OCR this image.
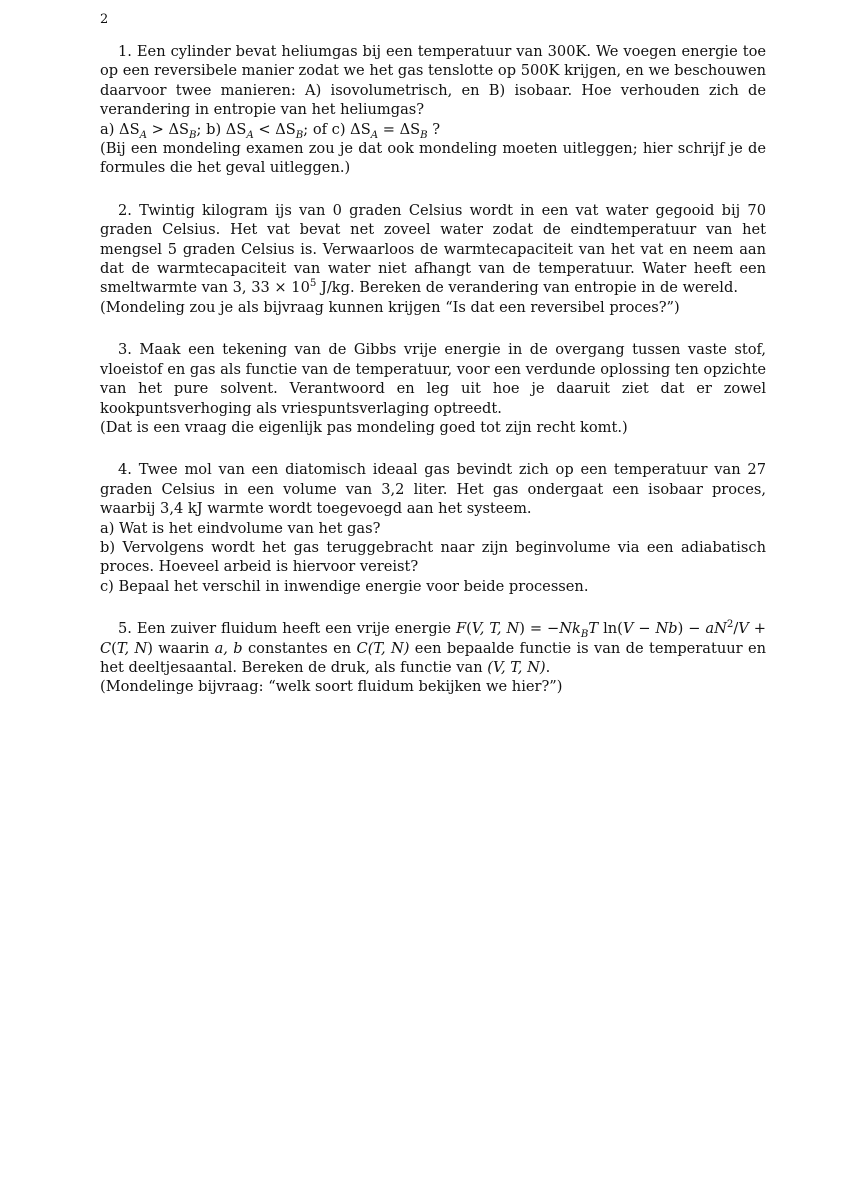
2

1. Een cylinder bevat heliumgas bij een temperatuur van 300K. We voegen energie toe op een reversibele manier zodat we het gas tenslotte op 500K krijgen, en we beschouwen daarvoor twee manieren: A) isovolumetrisch, en B) isobaar. Hoe verhouden zich de verandering in entropie van het heliumgas?

a) $\Delta S_A > \Delta S_B$; b) $\Delta S_A < \Delta S_B$; of c) $\Delta S_A = \Delta S_B$ ?

(Bij een mondeling examen zou je dat ook mondeling moeten uitleggen; hier schrijf je de formules die het geval uitleggen.)

2. Twintig kilogram ijs van 0 graden Celsius wordt in een vat water gegooid bij 70 graden Celsius. Het vat bevat net zoveel water zodat de eindtemperatuur van het mengsel 5 graden Celsius is. Verwaarloos de warmtecapaciteit van het vat en neem aan dat de warmtecapaciteit van water niet afhangt van de temperatuur. Water heeft een smeltwarmte van 3, $33 \times 10^5$ J/kg. Bereken de verandering van entropie in de wereld.

(Mondeling zou je als bijvraag kunnen krijgen “Is dat een reversibel proces?”)

3. Maak een tekening van de Gibbs vrije energie in de overgang tussen vaste stof, vloeistof en gas als functie van de temperatuur, voor een verdunde oplossing ten opzichte van het pure solvent. Verantwoord en leg uit hoe je daaruit ziet dat er zowel kookpuntsverhoging als vriespuntsverlaging optreedt.

(Dat is een vraag die eigenlijk pas mondeling goed tot zijn recht komt.)

4. Twee mol van een diatomisch ideaal gas bevindt zich op een temperatuur van 27 graden Celsius in een volume van 3,2 liter. Het gas ondergaat een isobaar proces, waarbij 3,4 kJ warmte wordt toegevoegd aan het systeem.

a) Wat is het eindvolume van het gas?

b) Vervolgens wordt het gas teruggebracht naar zijn beginvolume via een adiabatisch proces. Hoeveel arbeid is hiervoor vereist?

c) Bepaal het verschil in inwendige energie voor beide processen.

5. Een zuiver fluidum heeft een vrije energie F(V, T, $N) = -Nk_BT$ $\ln(V - Nb) - aN^2/V + C(T$, N) waarin a, b constantes en C(T, N) een bepaalde functie is van de temperatuur en het deeltjesaantal. Bereken de druk, als functie van (V, T, N).

(Mondelinge bijvraag: “welk soort fluidum bekijken we hier?”)
